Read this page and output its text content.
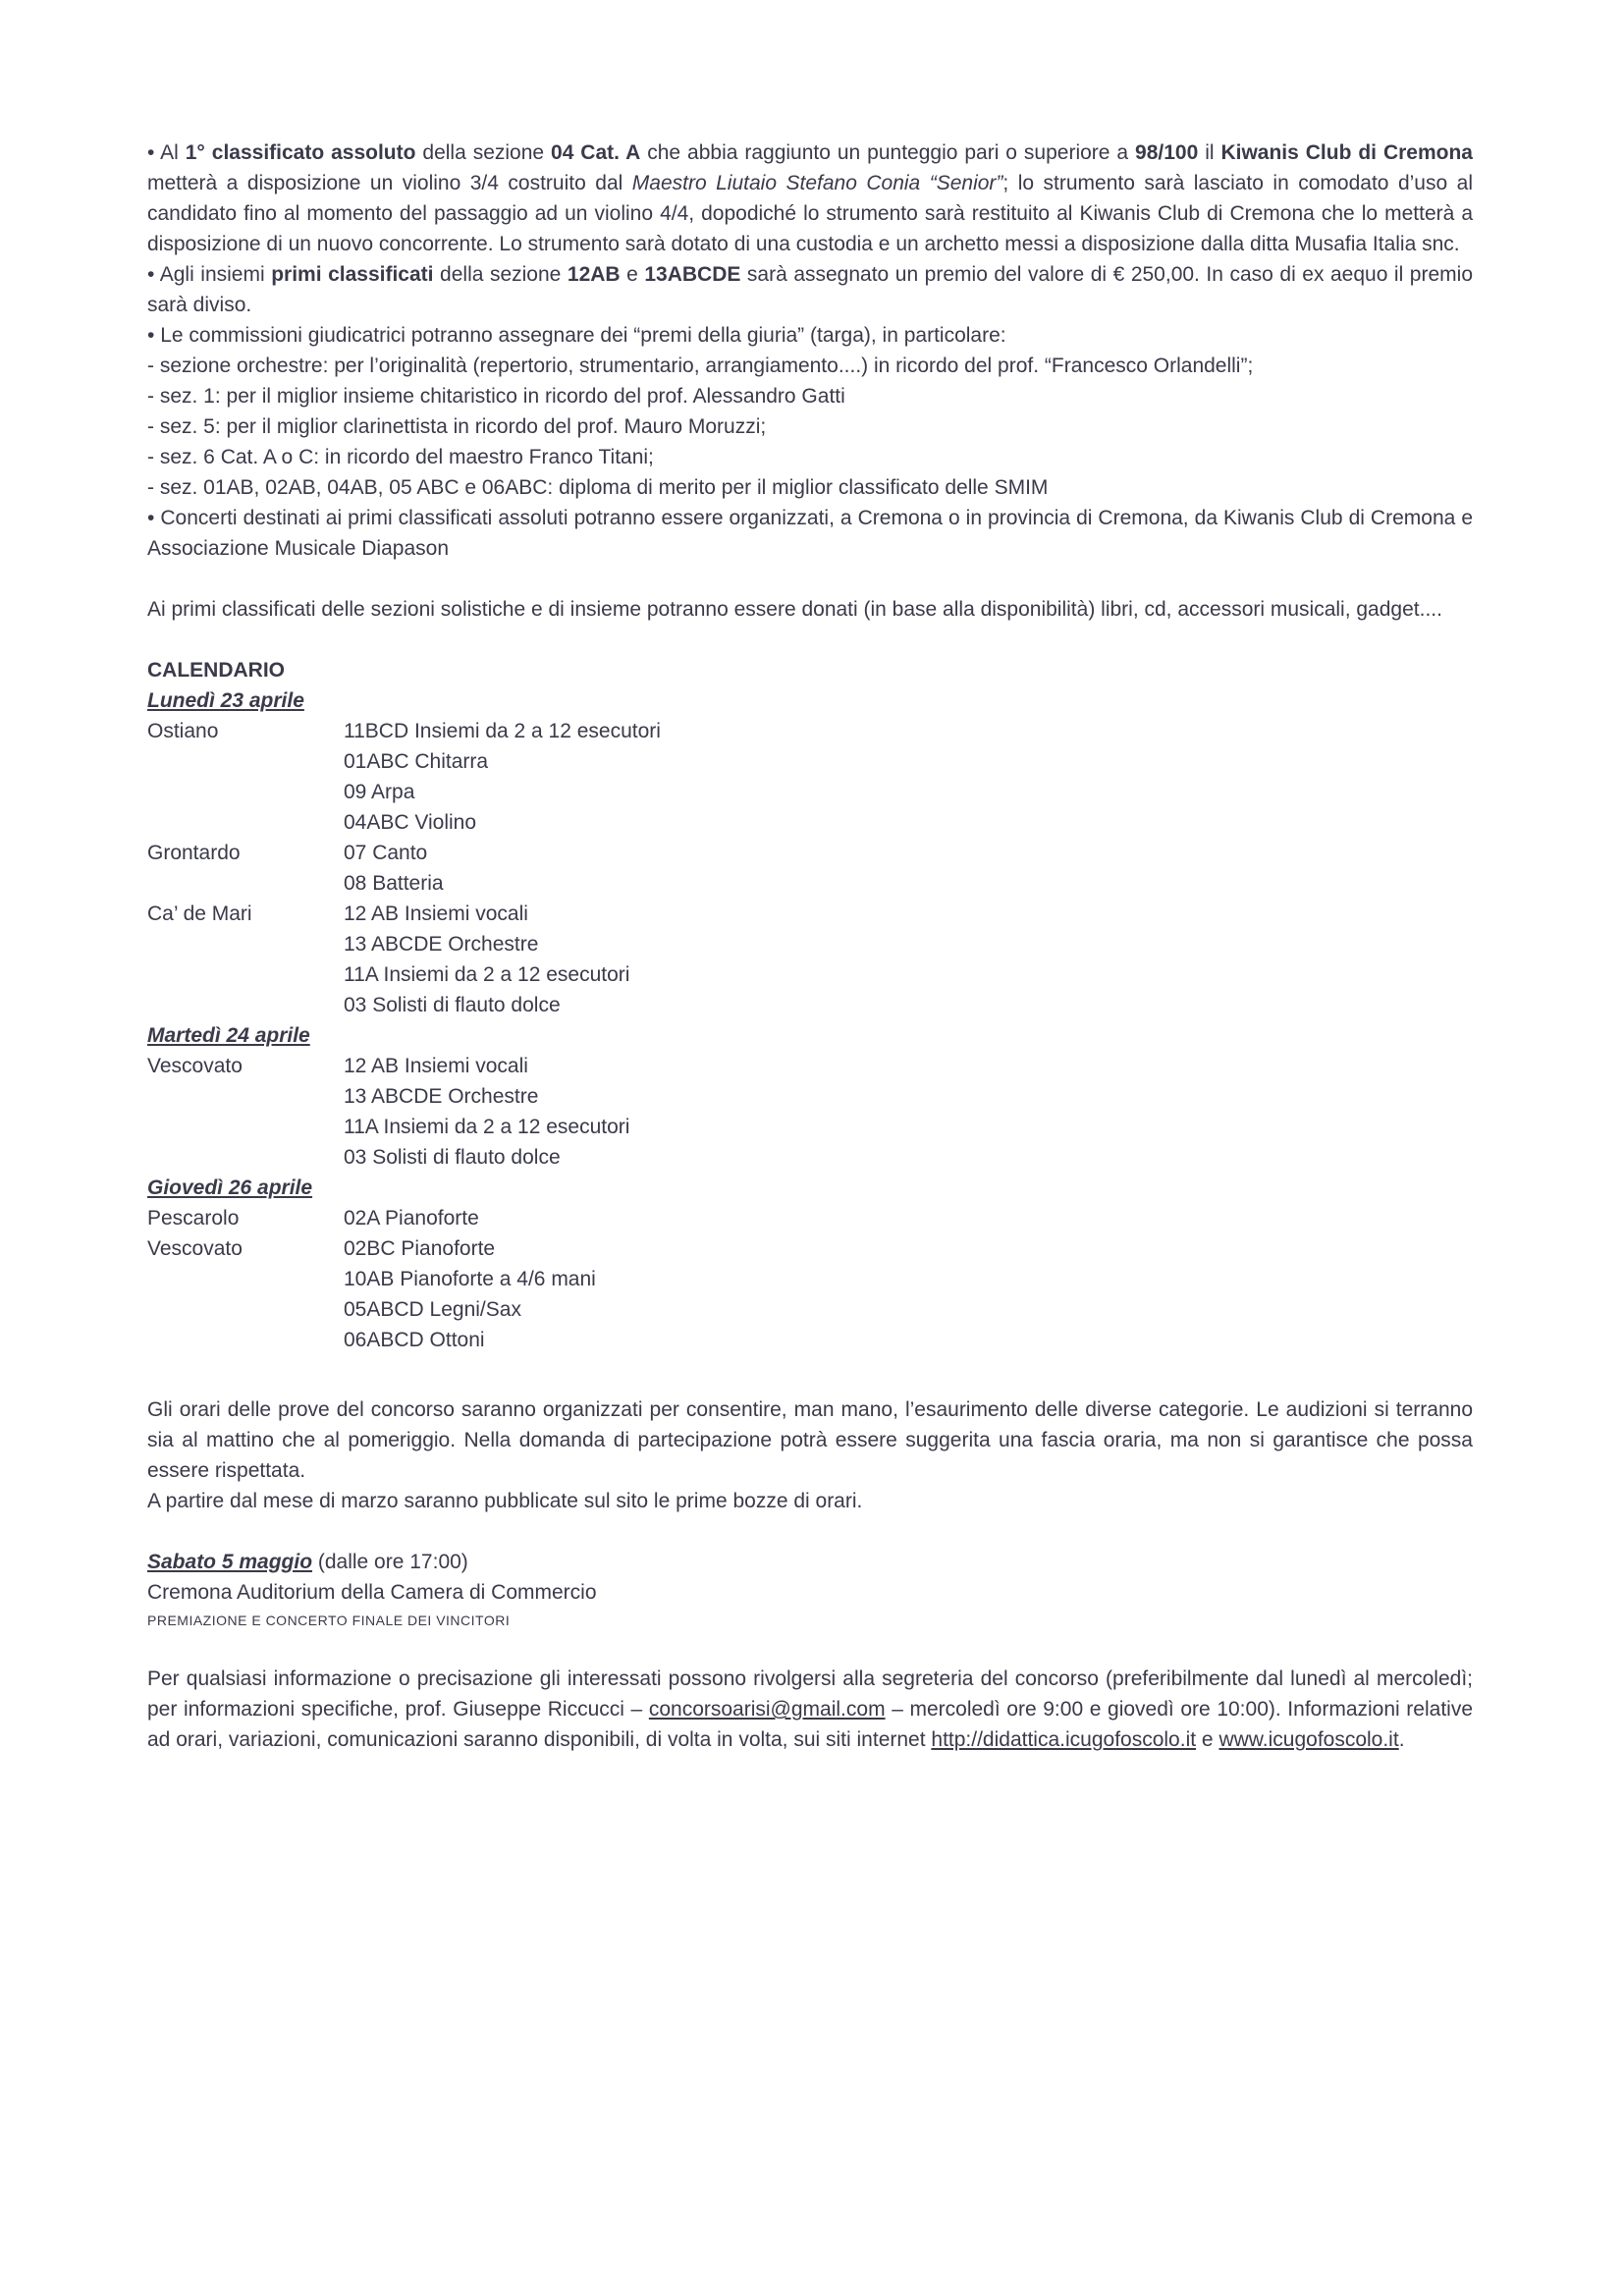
• Al 1° classificato assoluto della sezione 04 Cat. A che abbia raggiunto un punteggio pari o superiore a 98/100 il Kiwanis Club di Cremona metterà a disposizione un violino 3/4 costruito dal Maestro Liutaio Stefano Conia “Senior”; lo strumento sarà lasciato in comodato d’uso al candidato fino al momento del passaggio ad un violino 4/4, dopodiché lo strumento sarà restituito al Kiwanis Club di Cremona che lo metterà a disposizione di un nuovo concorrente. Lo strumento sarà dotato di una custodia e un archetto messi a disposizione dalla ditta Musafia Italia snc.

• Agli insiemi primi classificati della sezione 12AB e 13ABCDE sarà assegnato un premio del valore di € 250,00. In caso di ex aequo il premio sarà diviso.

• Le commissioni giudicatrici potranno assegnare dei “premi della giuria” (targa), in particolare:

- sezione orchestre: per l’originalità (repertorio, strumentario, arrangiamento....) in ricordo del prof. “Francesco Orlandelli”;

- sez. 1: per il miglior insieme chitaristico in ricordo del prof. Alessandro Gatti

- sez. 5: per il miglior clarinettista in ricordo del prof. Mauro Moruzzi;

- sez. 6 Cat. A o C: in ricordo del maestro Franco Titani;

- sez. 01AB, 02AB, 04AB, 05 ABC e 06ABC: diploma di merito per il miglior classificato delle SMIM

• Concerti destinati ai primi classificati assoluti potranno essere organizzati, a Cremona o in provincia di Cremona, da Kiwanis Club di Cremona e Associazione Musicale Diapason

Ai primi classificati delle sezioni solistiche e di insieme potranno essere donati (in base alla disponibilità) libri, cd, accessori musicali, gadget....

CALENDARIO
Lunedì 23 aprile
Ostiano	11BCD Insiemi da 2 a 12 esecutori
01ABC Chitarra
09 Arpa
04ABC Violino
Grontardo	07 Canto
08 Batteria
Ca’ de Mari	12 AB Insiemi vocali
13 ABCDE Orchestre
11A Insiemi da 2 a 12 esecutori
03 Solisti di flauto dolce
Martedì 24 aprile
Vescovato	12 AB Insiemi vocali
13 ABCDE Orchestre
11A Insiemi da 2 a 12 esecutori
03 Solisti di flauto dolce
Giovedì 26 aprile
Pescarolo	02A Pianoforte
Vescovato	02BC Pianoforte
10AB Pianoforte a 4/6 mani
05ABCD Legni/Sax
06ABCD Ottoni

Gli orari delle prove del concorso saranno organizzati per consentire, man mano, l’esaurimento delle diverse categorie. Le audizioni si terranno sia al mattino che al pomeriggio. Nella domanda di partecipazione potrà essere suggerita una fascia oraria, ma non si garantisce che possa essere rispettata.

A partire dal mese di marzo saranno pubblicate sul sito le prime bozze di orari.

Sabato 5 maggio (dalle ore 17:00)
Cremona Auditorium della Camera di Commercio
PREMIAZIONE E CONCERTO FINALE DEI VINCITORI

Per qualsiasi informazione o precisazione gli interessati possono rivolgersi alla segreteria del concorso (preferibilmente dal lunedì al mercoledì; per informazioni specifiche, prof. Giuseppe Riccucci – concorsoarisi@gmail.com – mercoledì ore 9:00 e giovedì ore 10:00). Informazioni relative ad orari, variazioni, comunicazioni saranno disponibili, di volta in volta, sui siti internet http://didattica.icugofoscolo.it e www.icugofoscolo.it.
